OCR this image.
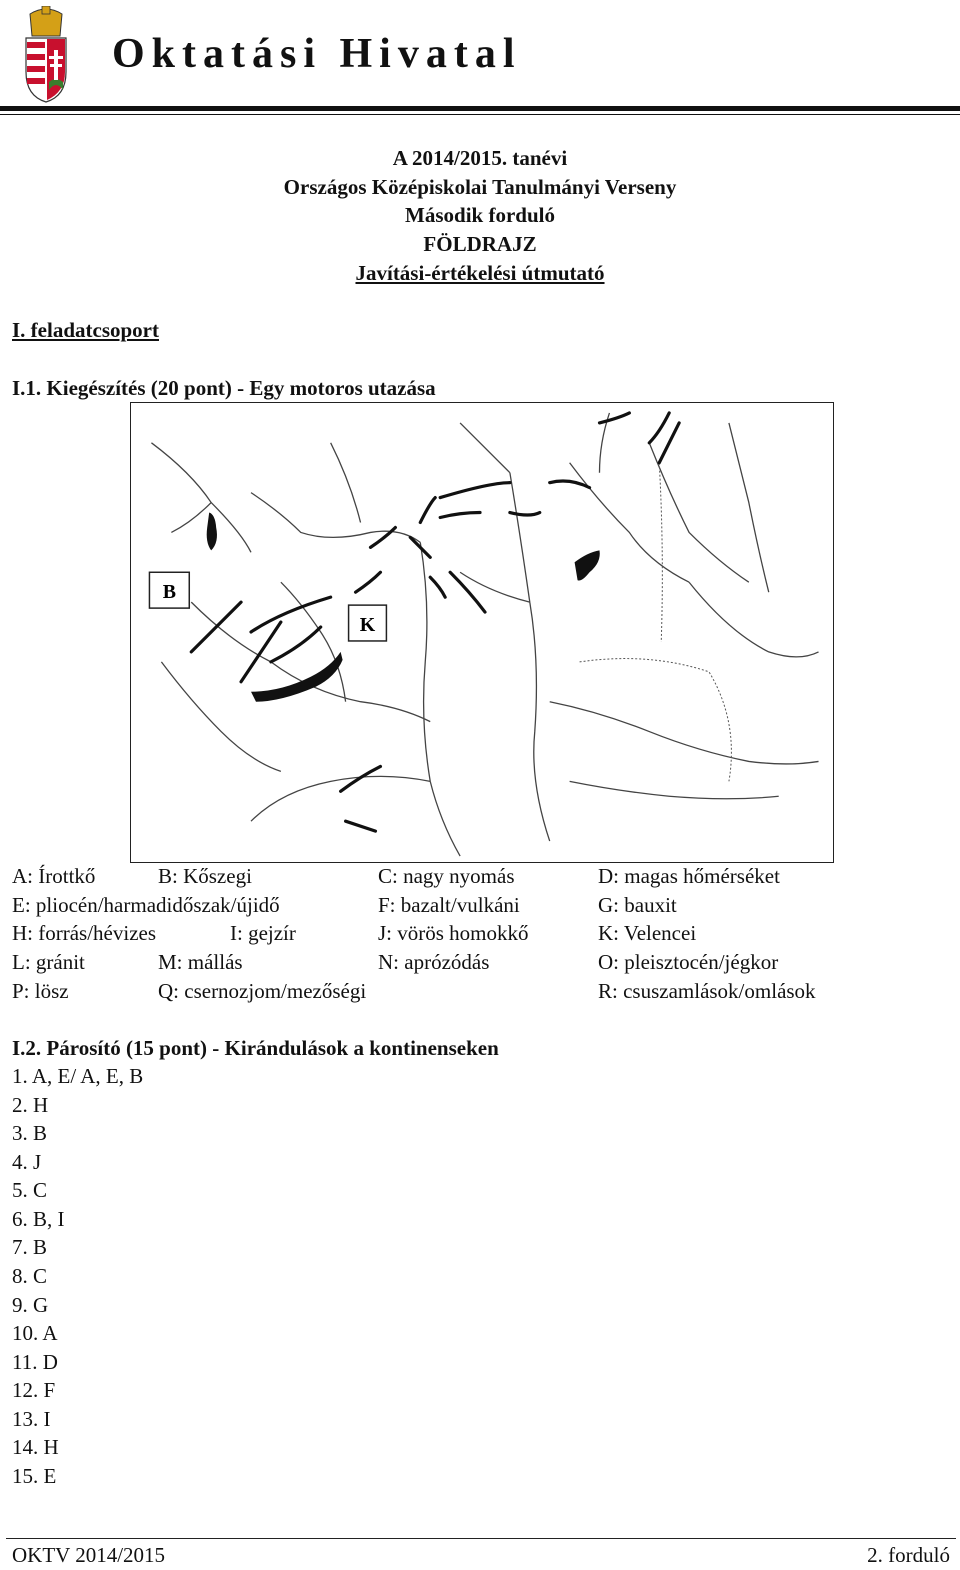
Oktatási Hivatal
A 2014/2015. tanévi
Országos Középiskolai Tanulmányi Verseny
Második forduló
FÖLDRAJZ
Javítási-értékelési útmutató
I. feladatcsoport
I.1. Kiegészítés (20 pont) - Egy motoros utazása
B
K
A: Írottkő	B: Kőszegi	C: nagy nyomás	D: magas hőmérséket
E: pliocén/harmadidőszak/újidő	F: bazalt/vulkáni	G: bauxit
H: forrás/hévizes	I: gejzír	J: vörös homokkő	K: Velencei
L: gránit	M: mállás	N: aprózódás	O: pleisztocén/jégkor
P: lösz	Q: csernozjom/mezőségi	R: csuszamlások/omlások
I.2. Párosító (15 pont) - Kirándulások a kontinenseken
1. A, E/ A, E, B
2. H
3. B
4. J
5. C
6. B, I
7. B
8. C
9. G
10. A
11. D
12. F
13. I
14. H
15. E
OKTV 2014/2015	2. forduló
